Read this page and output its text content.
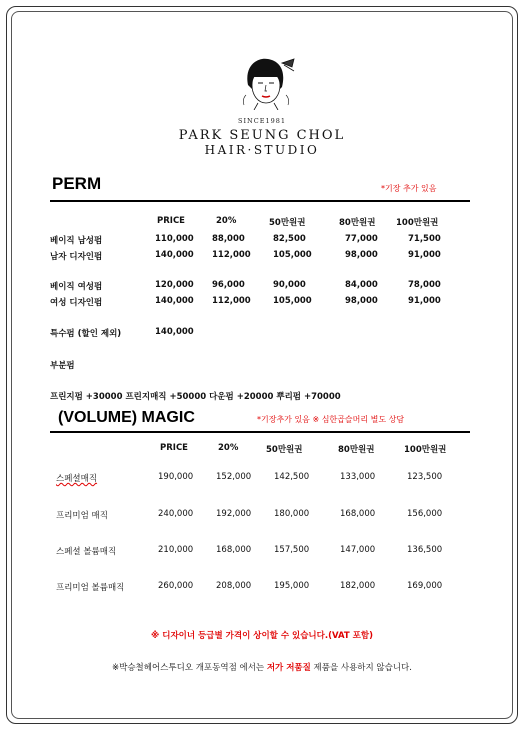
SINCE1981
PARK SEUNG CHOL
HAIR·STUDIO
PERM	*기장 추가 있음
PRICE	20%	50만원권	80만원권 100만원권
베이직 남성펌	110,000 88,000	82,500	77,000	71,500
남자 디자인펌	140,000 112,000	105,000	98,000	91,000
베이직 여성펌	120,000 96,000	90,000	84,000	78,000
여성 디자인펌	140,000 112,000	105,000	98,000	91,000
특수펌 (할인 제외)	140,000
부분펌
프린지펌 +30000 프린지매직 +50000 다운펌 +20000 뿌리펌 +70000
(VOLUME) MAGIC	*기장추가 있음 ※ 심한곱슬머리 별도 상담
PRICE	20%	50만원권	80만원권	100만원권
스페셜매직	190,000	152,000	142,500	133,000	123,500
프리미엄 매직	240,000	192,000	180,000	168,000	156,000
스페셜 볼륨매직	210,000	168,000	157,500	147,000	136,500
프리미엄 볼륨매직	260,000	208,000	195,000	182,000	169,000
※ 디자이너 등급별 가격이 상이할 수 있습니다.(VAT 포함)
※박승철헤어스투디오 개포동역점 에서는 저가 저품질 제품을 사용하지 않습니다.
